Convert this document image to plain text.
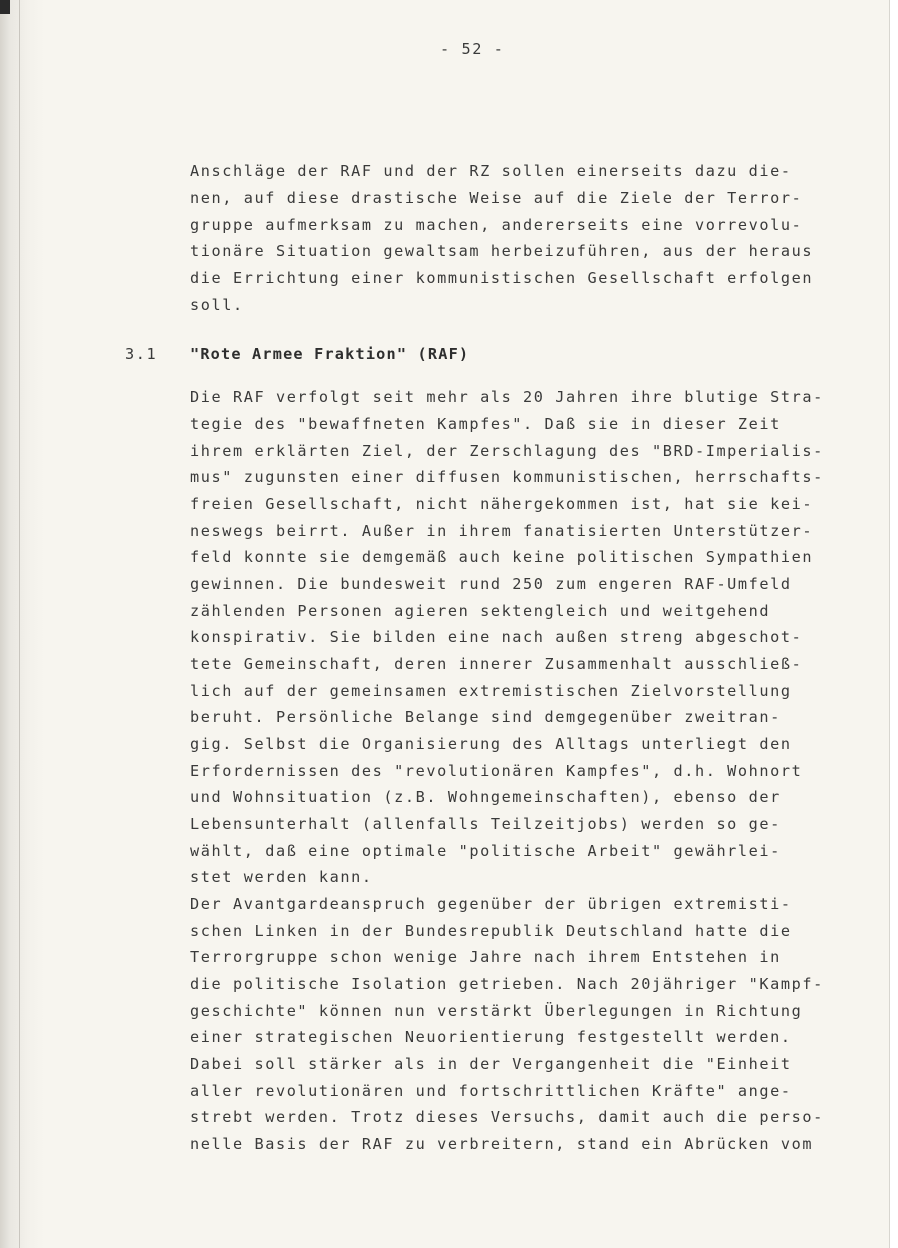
- 52 -
Anschläge der RAF und der RZ sollen einerseits dazu die-
nen, auf diese drastische Weise auf die Ziele der Terror-
gruppe aufmerksam zu machen, andererseits eine vorrevolu-
tionäre Situation gewaltsam herbeizuführen, aus der heraus
die Errichtung einer kommunistischen Gesellschaft erfolgen
soll.
3.1 "Rote Armee Fraktion" (RAF)
Die RAF verfolgt seit mehr als 20 Jahren ihre blutige Stra-
tegie des "bewaffneten Kampfes". Daß sie in dieser Zeit
ihrem erklärten Ziel, der Zerschlagung des "BRD-Imperialis-
mus" zugunsten einer diffusen kommunistischen, herrschafts-
freien Gesellschaft, nicht nähergekommen ist, hat sie kei-
neswegs beirrt. Außer in ihrem fanatisierten Unterstützer-
feld konnte sie demgemäß auch keine politischen Sympathien
gewinnen. Die bundesweit rund 250 zum engeren RAF-Umfeld
zählenden Personen agieren sektengleich und weitgehend
konspirativ. Sie bilden eine nach außen streng abgeschot-
tete Gemeinschaft, deren innerer Zusammenhalt ausschließ-
lich auf der gemeinsamen extremistischen Zielvorstellung
beruht. Persönliche Belange sind demgegenüber zweitran-
gig. Selbst die Organisierung des Alltags unterliegt den
Erfordernissen des "revolutionären Kampfes", d.h. Wohnort
und Wohnsituation (z.B. Wohngemeinschaften), ebenso der
Lebensunterhalt (allenfalls Teilzeitjobs) werden so ge-
wählt, daß eine optimale "politische Arbeit" gewährlei-
stet werden kann.
Der Avantgardeanspruch gegenüber der übrigen extremisti-
schen Linken in der Bundesrepublik Deutschland hatte die
Terrorgruppe schon wenige Jahre nach ihrem Entstehen in
die politische Isolation getrieben. Nach 20jähriger "Kampf-
geschichte" können nun verstärkt Überlegungen in Richtung
einer strategischen Neuorientierung festgestellt werden.
Dabei soll stärker als in der Vergangenheit die "Einheit
aller revolutionären und fortschrittlichen Kräfte" ange-
strebt werden. Trotz dieses Versuchs, damit auch die perso-
nelle Basis der RAF zu verbreitern, stand ein Abrücken vom
